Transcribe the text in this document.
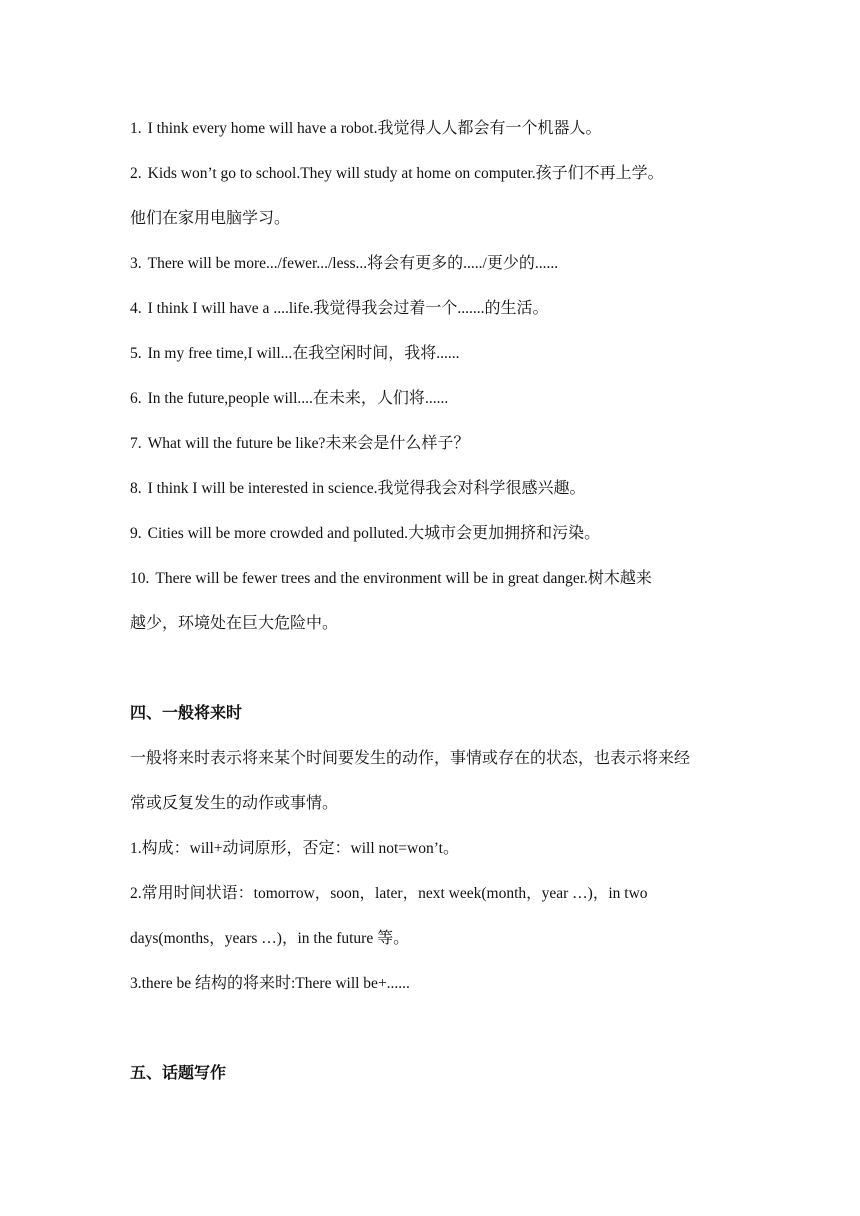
1. I think every home will have a robot.我觉得人人都会有一个机器人。
2. Kids won’t go to school.They will study at home on computer.孩子们不再上学。
他们在家用电脑学习。
3. There will be more.../fewer.../less...将会有更多的...../更少的......
4. I think I will have a ....life.我觉得我会过着一个.......的生活。
5. In my free time,I will...在我空闲时间，我将......
6. In the future,people will....在未来，人们将......
7. What will the future be like?未来会是什么样子？
8. I think I will be interested in science.我觉得我会对科学很感兴趣。
9. Cities will be more crowded and polluted.大城市会更加拥挤和污染。
10. There will be fewer trees and the environment will be in great danger.树木越来
越少，环境处在巨大危险中。
四、一般将来时
一般将来时表示将来某个时间要发生的动作，事情或存在的状态，也表示将来经
常或反复发生的动作或事情。
1.构成：will+动词原形，否定：will not=won’t。
2.常用时间状语：tomorrow，soon，later，next week(month，year …)，in two
days(months，years …)，in the future 等。
3.there be 结构的将来时:There will be+......
五、话题写作
